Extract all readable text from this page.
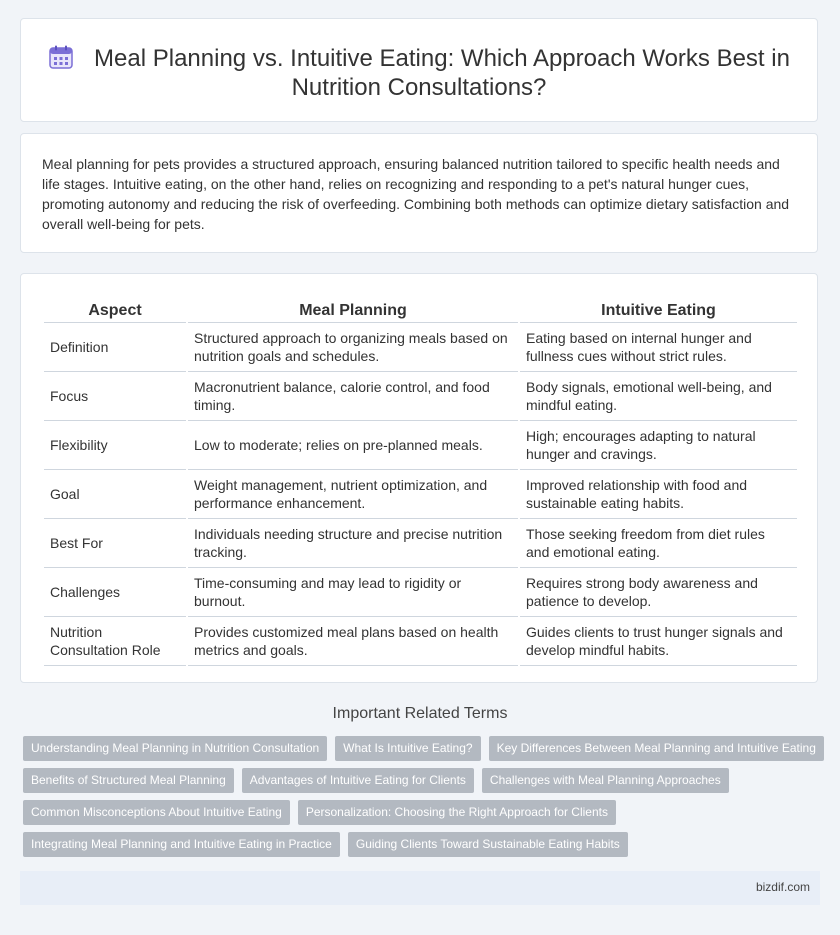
Meal Planning vs. Intuitive Eating: Which Approach Works Best in Nutrition Consultations?

Meal planning for pets provides a structured approach, ensuring balanced nutrition tailored to specific health needs and life stages. Intuitive eating, on the other hand, relies on recognizing and responding to a pet's natural hunger cues, promoting autonomy and reducing the risk of overfeeding. Combining both methods can optimize dietary satisfaction and overall well-being for pets.

Aspect	Meal Planning	Intuitive Eating
Definition	Structured approach to organizing meals based on nutrition goals and schedules.	Eating based on internal hunger and fullness cues without strict rules.
Focus	Macronutrient balance, calorie control, and food timing.	Body signals, emotional well-being, and mindful eating.
Flexibility	Low to moderate; relies on pre-planned meals.	High; encourages adapting to natural hunger and cravings.
Goal	Weight management, nutrient optimization, and performance enhancement.	Improved relationship with food and sustainable eating habits.
Best For	Individuals needing structure and precise nutrition tracking.	Those seeking freedom from diet rules and emotional eating.
Challenges	Time-consuming and may lead to rigidity or burnout.	Requires strong body awareness and patience to develop.
Nutrition Consultation Role	Provides customized meal plans based on health metrics and goals.	Guides clients to trust hunger signals and develop mindful habits.
Important Related Terms
Understanding Meal Planning in Nutrition Consultation	What Is Intuitive Eating?	Key Differences Between Meal Planning and Intuitive Eating
Benefits of Structured Meal Planning	Advantages of Intuitive Eating for Clients	Challenges with Meal Planning Approaches
Common Misconceptions About Intuitive Eating	Personalization: Choosing the Right Approach for Clients
Integrating Meal Planning and Intuitive Eating in Practice	Guiding Clients Toward Sustainable Eating Habits
bizdif.com
